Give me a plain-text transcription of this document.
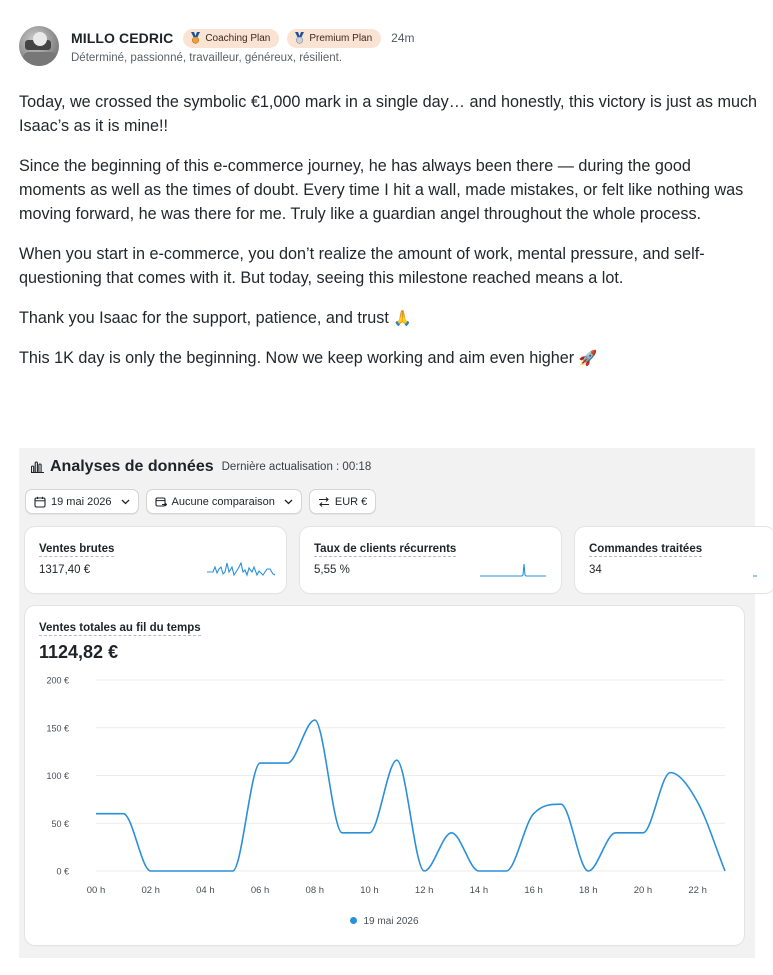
MILLO CEDRIC	Coaching Plan	Premium Plan 24m
Déterminé, passionné, travailleur, généreux, résilient.

Today, we crossed the symbolic €1,000 mark in a single day… and honestly, this victory is just as much Isaac’s as it is mine!!

Since the beginning of this e-commerce journey, he has always been there — during the good moments as well as the times of doubt. Every time I hit a wall, made mistakes, or felt like nothing was moving forward, he was there for me. Truly like a guardian angel throughout the whole process.

When you start in e-commerce, you don’t realize the amount of work, mental pressure, and self-questioning that comes with it. But today, seeing this milestone reached means a lot.

Thank you Isaac for the support, patience, and trust 🙏

This 1K day is only the beginning. Now we keep working and aim even higher 🚀

Analyses de données Dernière actualisation : 00:18
19 mai 2026	Aucune comparaison	EUR €
Ventes brutes
1317,40 €
Taux de clients récurrents
5,55 %
Commandes traitées
34
Ventes totales au fil du temps
1124,82 €
0 €
50 €
100 €
150 €
200 €
00 h	02 h	04 h	06 h	08 h	10 h	12 h	14 h	16 h	18 h	20 h	22 h
19 mai 2026
